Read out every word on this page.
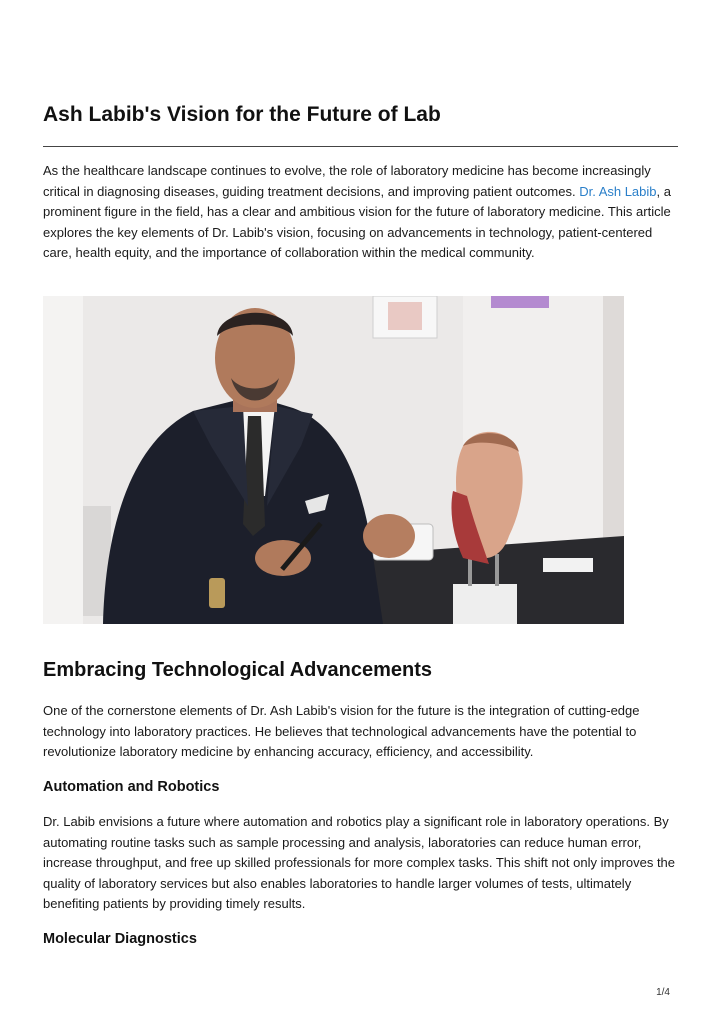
Ash Labib's Vision for the Future of Lab

As the healthcare landscape continues to evolve, the role of laboratory medicine has become increasingly critical in diagnosing diseases, guiding treatment decisions, and improving patient outcomes. Dr. Ash Labib, a prominent figure in the field, has a clear and ambitious vision for the future of laboratory medicine. This article explores the key elements of Dr. Labib's vision, focusing on advancements in technology, patient-centered care, health equity, and the importance of collaboration within the medical community.

Embracing Technological Advancements

One of the cornerstone elements of Dr. Ash Labib's vision for the future is the integration of cutting-edge technology into laboratory practices. He believes that technological advancements have the potential to revolutionize laboratory medicine by enhancing accuracy, efficiency, and accessibility.

Automation and Robotics

Dr. Labib envisions a future where automation and robotics play a significant role in laboratory operations. By automating routine tasks such as sample processing and analysis, laboratories can reduce human error, increase throughput, and free up skilled professionals for more complex tasks. This shift not only improves the quality of laboratory services but also enables laboratories to handle larger volumes of tests, ultimately benefiting patients by providing timely results.

Molecular Diagnostics
1/4
